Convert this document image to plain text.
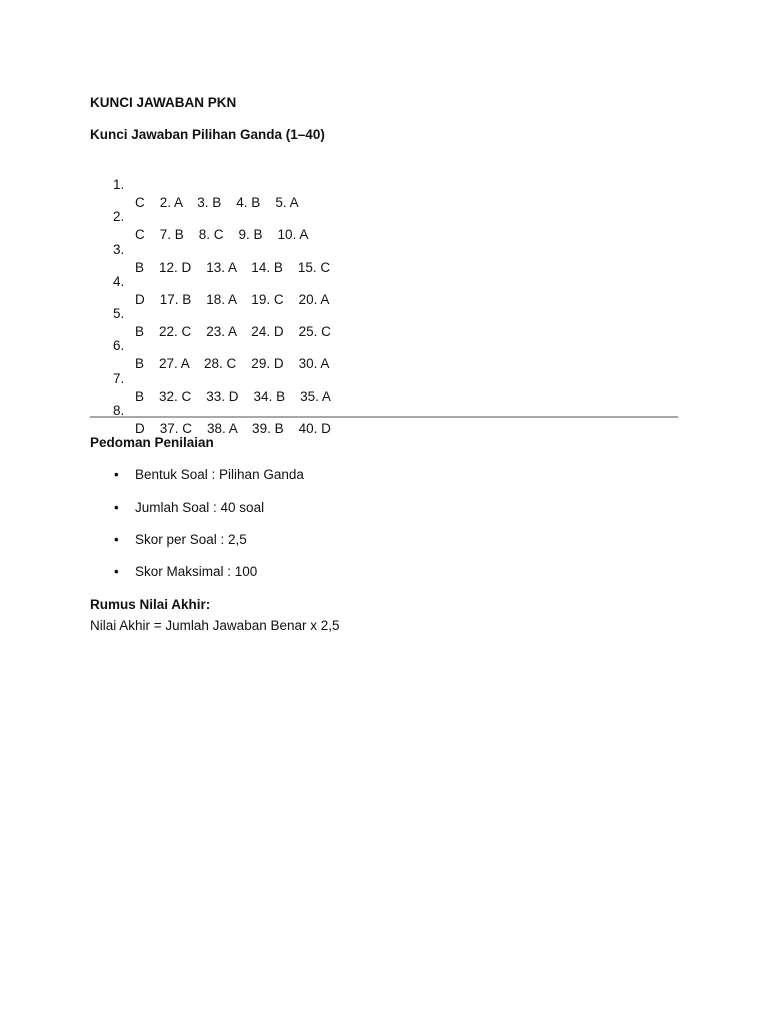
KUNCI JAWABAN PKN
Kunci Jawaban Pilihan Ganda (1–40)

1.

C    2. A    3. B    4. B    5. A

2.

C    7. B    8. C    9. B    10. A

3.

B    12. D    13. A    14. B    15. C

4.

D    17. B    18. A    19. C    20. A

5.

B    22. C    23. A    24. D    25. C

6.

B    27. A    28. C    29. D    30. A

7.

B    32. C    33. D    34. B    35. A

8.

D    37. C    38. A    39. B    40. D

Pedoman Penilaian
• Bentuk Soal : Pilihan Ganda
• Jumlah Soal : 40 soal
• Skor per Soal : 2,5
• Skor Maksimal : 100
Rumus Nilai Akhir:
Nilai Akhir = Jumlah Jawaban Benar x 2,5
